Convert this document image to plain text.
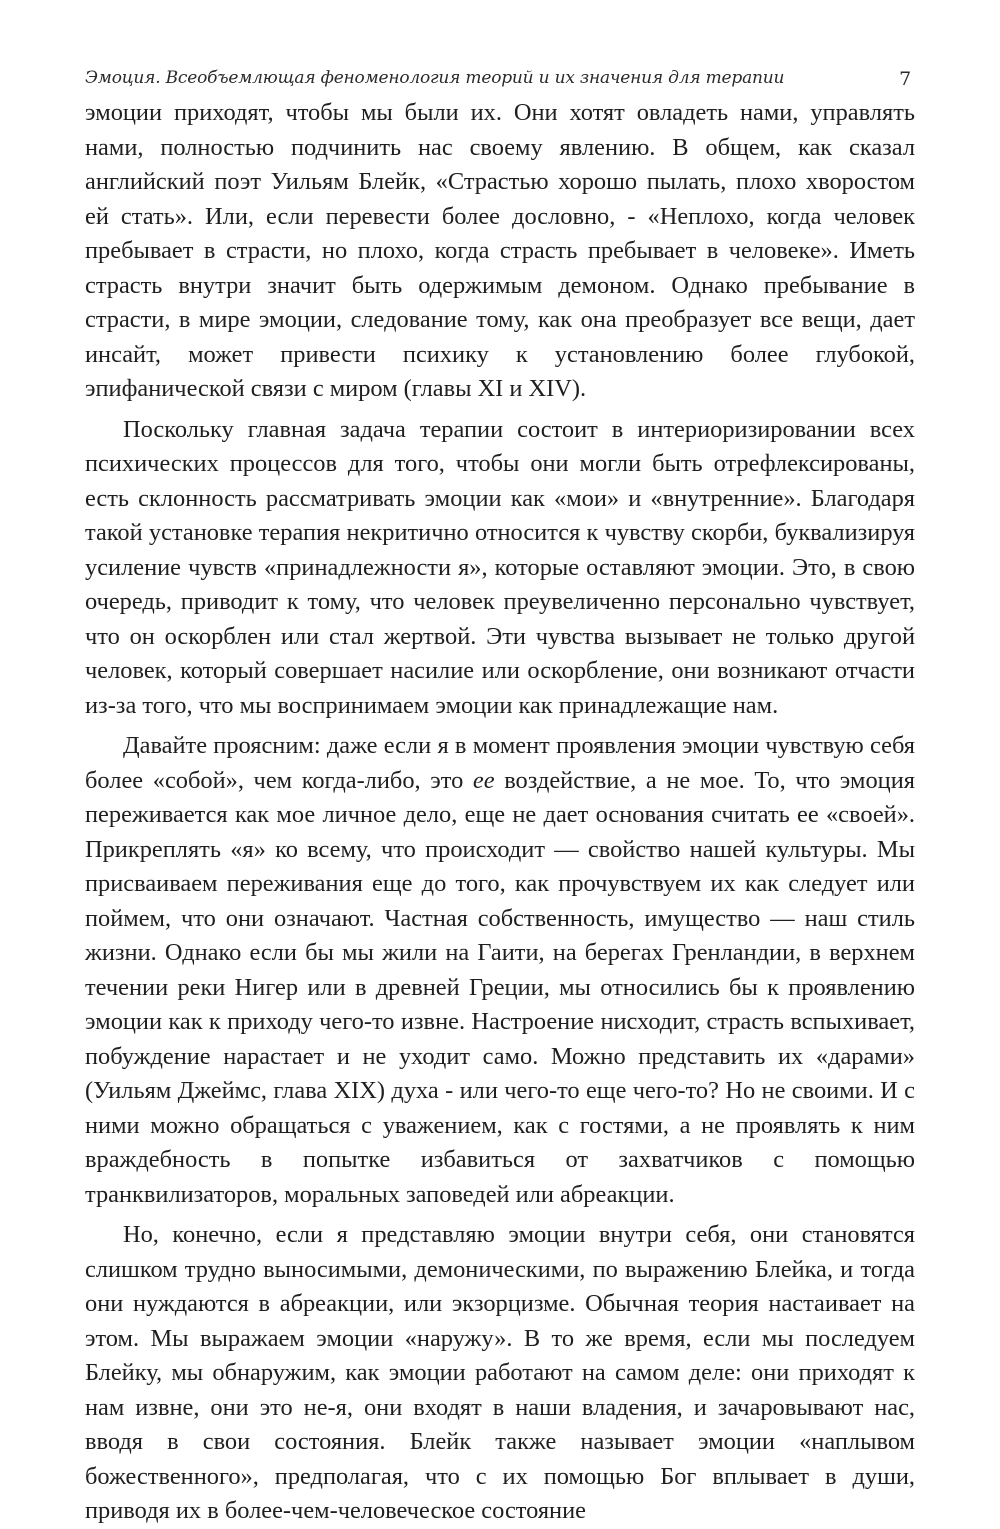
Эмоция. Всеобъемлющая феноменология теорий и их значения для терапии	7

эмоции приходят, чтобы мы были их. Они хотят овладеть нами, управлять нами, полностью подчинить нас своему явлению. В общем, как сказал английский поэт Уильям Блейк, «Страстью хорошо пылать, плохо хворостом ей стать». Или, если перевести более дословно, - «Неплохо, когда человек пребывает в страсти, но плохо, когда страсть пребывает в человеке». Иметь страсть внутри значит быть одержимым демоном. Однако пребывание в страсти, в мире эмоции, следование тому, как она преобразует все вещи, дает инсайт, может привести психику к установлению более глубокой, эпифанической связи с миром (главы XI и XIV).

Поскольку главная задача терапии состоит в интериоризировании всех психических процессов для того, чтобы они могли быть отрефлексированы, есть склонность рассматривать эмоции как «мои» и «внутренние». Благодаря такой установке терапия некритично относится к чувству скорби, буквализируя усиление чувств «принадлежности я», которые оставляют эмоции. Это, в свою очередь, приводит к тому, что человек преувеличенно персонально чувствует, что он оскорблен или стал жертвой. Эти чувства вызывает не только другой человек, который совершает насилие или оскорбление, они возникают отчасти из-за того, что мы воспринимаем эмоции как принадлежащие нам.

Давайте проясним: даже если я в момент проявления эмоции чувствую себя более «собой», чем когда-либо, это ее воздействие, а не мое. То, что эмоция переживается как мое личное дело, еще не дает основания считать ее «своей». Прикреплять «я» ко всему, что происходит — свойство нашей культуры. Мы присваиваем переживания еще до того, как прочувствуем их как следует или поймем, что они означают. Частная собственность, имущество — наш стиль жизни. Однако если бы мы жили на Гаити, на берегах Гренландии, в верхнем течении реки Нигер или в древней Греции, мы относились бы к проявлению эмоции как к приходу чего-то извне. Настроение нисходит, страсть вспыхивает, побуждение нарастает и не уходит само. Можно представить их «дарами» (Уильям Джеймс, глава XIX) духа - или чего-то еще чего-то? Но не своими. И с ними можно обращаться с уважением, как с гостями, а не проявлять к ним враждебность в попытке избавиться от захватчиков с помощью транквилизаторов, моральных заповедей или абреакции.

Но, конечно, если я представляю эмоции внутри себя, они становятся слишком трудно выносимыми, демоническими, по выражению Блейка, и тогда они нуждаются в абреакции, или экзорцизме. Обычная теория настаивает на этом. Мы выражаем эмоции «наружу». В то же время, если мы последуем Блейку, мы обнаружим, как эмоции работают на самом деле: они приходят к нам извне, они это не-я, они входят в наши владения, и зачаровывают нас, вводя в свои состояния. Блейк также называет эмоции «наплывом божественного», предполагая, что с их помощью Бог вплывает в души, приводя их в более-чем-человеческое состояние
